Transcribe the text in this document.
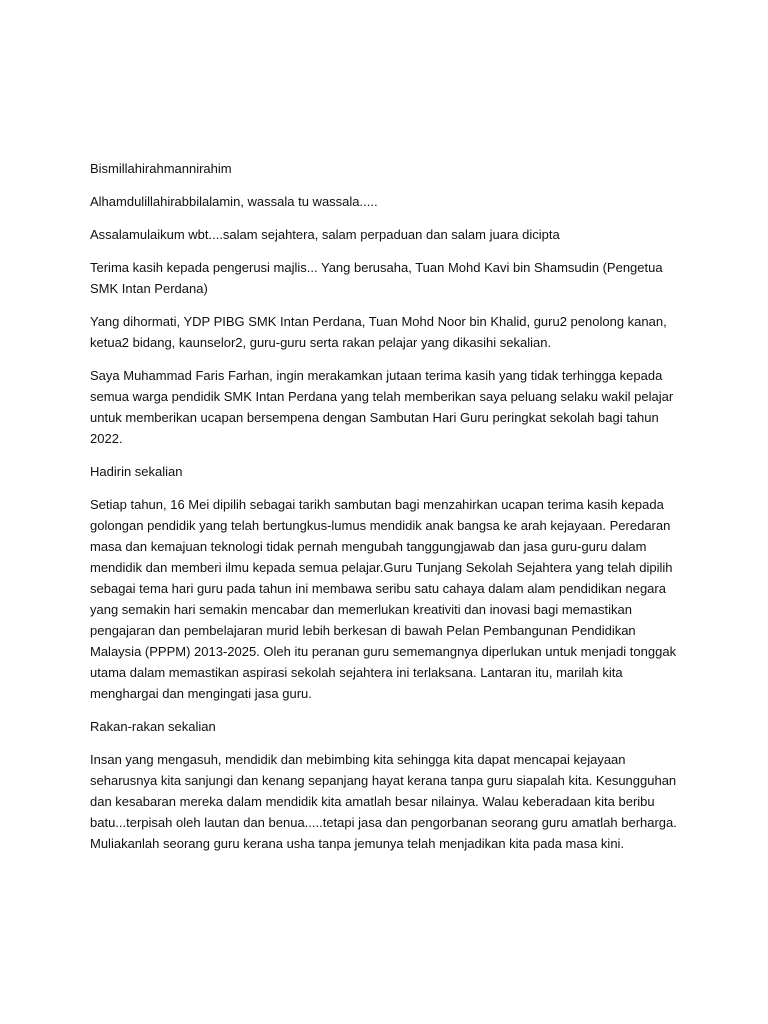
Bismillahirahmannirahim

Alhamdulillahirabbilalamin, wassala tu wassala.....

Assalamulaikum wbt....salam sejahtera, salam perpaduan dan salam juara dicipta

Terima kasih kepada pengerusi majlis... Yang berusaha, Tuan Mohd Kavi bin Shamsudin (Pengetua SMK Intan Perdana)

Yang dihormati, YDP PIBG SMK Intan Perdana, Tuan Mohd Noor bin Khalid, guru2 penolong kanan, ketua2 bidang, kaunselor2, guru-guru serta rakan pelajar yang dikasihi sekalian.

Saya Muhammad Faris Farhan, ingin merakamkan jutaan terima kasih yang tidak terhingga kepada semua warga pendidik SMK Intan Perdana yang telah memberikan saya peluang selaku wakil pelajar untuk memberikan ucapan bersempena dengan Sambutan Hari Guru peringkat sekolah bagi tahun 2022.

Hadirin sekalian

Setiap tahun, 16 Mei dipilih sebagai tarikh sambutan bagi menzahirkan ucapan terima kasih kepada golongan pendidik yang telah bertungkus-lumus mendidik anak bangsa ke arah kejayaan. Peredaran masa dan kemajuan teknologi tidak pernah mengubah tanggungjawab dan jasa guru-guru dalam mendidik dan memberi ilmu kepada semua pelajar.Guru Tunjang Sekolah Sejahtera yang telah dipilih sebagai tema hari guru pada tahun ini membawa seribu satu cahaya dalam alam pendidikan negara yang semakin hari semakin mencabar dan memerlukan kreativiti dan inovasi bagi memastikan pengajaran dan pembelajaran murid lebih berkesan di bawah Pelan Pembangunan Pendidikan Malaysia (PPPM) 2013-2025. Oleh itu peranan guru sememangnya diperlukan untuk menjadi tonggak utama dalam memastikan aspirasi sekolah sejahtera ini terlaksana. Lantaran itu, marilah kita menghargai dan mengingati jasa guru.

Rakan-rakan sekalian

Insan yang mengasuh, mendidik dan mebimbing kita sehingga kita dapat mencapai kejayaan seharusnya kita sanjungi dan kenang sepanjang hayat kerana tanpa guru siapalah kita. Kesungguhan dan kesabaran mereka dalam mendidik kita amatlah besar nilainya. Walau keberadaan kita beribu batu...terpisah oleh lautan dan benua.....tetapi jasa dan pengorbanan seorang guru amatlah berharga. Muliakanlah seorang guru kerana usha tanpa jemunya telah menjadikan kita pada masa kini.
